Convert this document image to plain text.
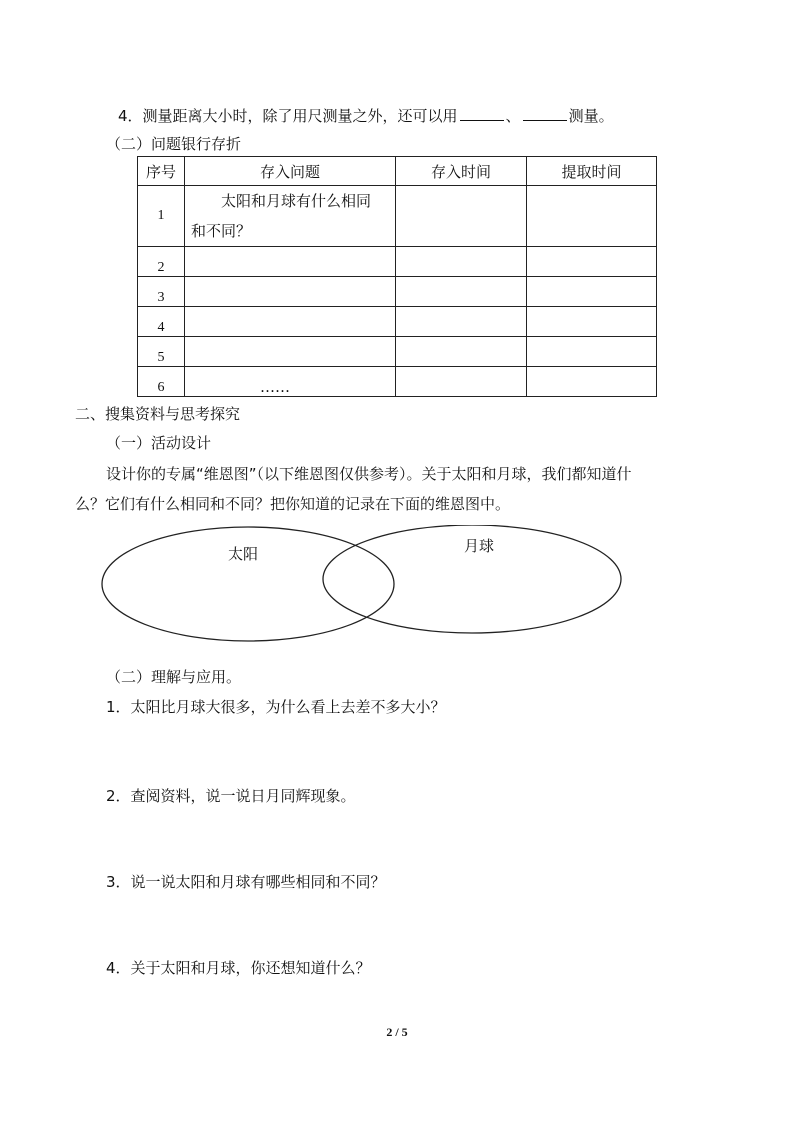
4．测量距离大小时，除了用尺测量之外，还可以用	、	测量。
（二）问题银行存折
序号	存入问题	存入时间	提取时间
1	太阳和月球有什么相同
和不同？		
2			
3			
4			
5			
6	……		
二、搜集资料与思考探究
（一）活动设计
设计你的专属“维恩图”（以下维恩图仅供参考）。关于太阳和月球，我们都知道什
么？它们有什么相同和不同？把你知道的记录在下面的维恩图中。
太阳	月球
（二）理解与应用。
1．太阳比月球大很多，为什么看上去差不多大小？
2．查阅资料，说一说日月同辉现象。
3．说一说太阳和月球有哪些相同和不同？
4．关于太阳和月球，你还想知道什么？
2 / 5
